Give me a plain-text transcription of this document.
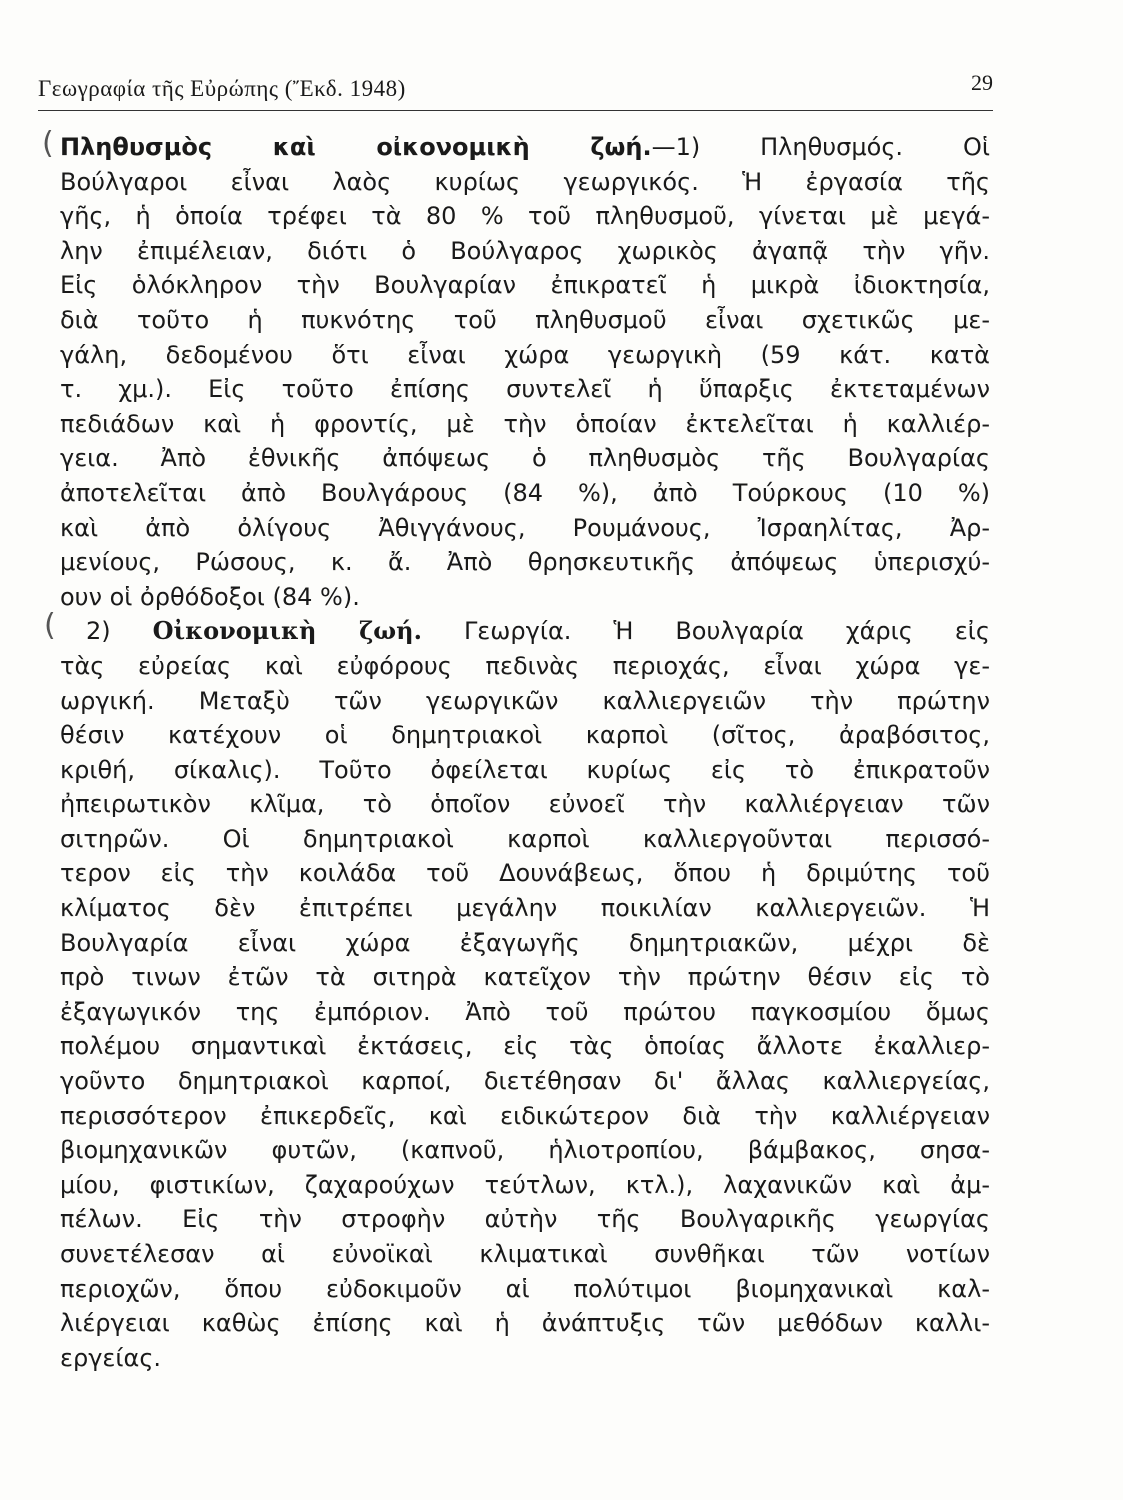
Γεωγραφία τῆς Εὐρώπης (Ἔκδ. 1948)	29
(
(
Πληθυσμὸς καὶ οἰκονομικὴ ζωή.—1) Πληθυσμός. Οἱ
Βούλγαροι εἶναι λαὸς κυρίως γεωργικός. Ἡ ἐργασία τῆς
γῆς, ἡ ὁποία τρέφει τὰ 80 % τοῦ πληθυσμοῦ, γίνεται μὲ μεγά-
λην ἐπιμέλειαν, διότι ὁ Βούλγαρος χωρικὸς ἀγαπᾷ τὴν γῆν.
Εἰς ὁλόκληρον τὴν Βουλγαρίαν ἐπικρατεῖ ἡ μικρὰ ἰδιοκτησία,
διὰ τοῦτο ἡ πυκνότης τοῦ πληθυσμοῦ εἶναι σχετικῶς με-
γάλη, δεδομένου ὅτι εἶναι χώρα γεωργικὴ (59 κάτ. κατὰ
τ. χμ.). Εἰς τοῦτο ἐπίσης συντελεῖ ἡ ὕπαρξις ἐκτεταμένων
πεδιάδων καὶ ἡ φροντίς, μὲ τὴν ὁποίαν ἐκτελεῖται ἡ καλλιέρ-
γεια. Ἀπὸ ἐθνικῆς ἀπόψεως ὁ πληθυσμὸς τῆς Βουλγαρίας
ἀποτελεῖται ἀπὸ Βουλγάρους (84 %), ἀπὸ Τούρκους (10 %)
καὶ ἀπὸ ὀλίγους Ἀθιγγάνους, Ρουμάνους, Ἰσραηλίτας, Ἀρ-
μενίους, Ρώσους, κ. ἄ. Ἀπὸ θρησκευτικῆς ἀπόψεως ὑπερισχύ-
ουν οἱ ὀρθόδοξοι (84 %).
2) Οἰκονομικὴ ζωή. Γεωργία. Ἡ Βουλγαρία χάρις εἰς
τὰς εὐρείας καὶ εὐφόρους πεδινὰς περιοχάς, εἶναι χώρα γε-
ωργική. Μεταξὺ τῶν γεωργικῶν καλλιεργειῶν τὴν πρώτην
θέσιν κατέχουν οἱ δημητριακοὶ καρποὶ (σῖτος, ἀραβόσιτος,
κριθή, σίκαλις). Τοῦτο ὀφείλεται κυρίως εἰς τὸ ἐπικρατοῦν
ἠπειρωτικὸν κλῖμα, τὸ ὁποῖον εὐνοεῖ τὴν καλλιέργειαν τῶν
σιτηρῶν. Οἱ δημητριακοὶ καρποὶ καλλιεργοῦνται περισσό-
τερον εἰς τὴν κοιλάδα τοῦ Δουνάβεως, ὅπου ἡ δριμύτης τοῦ
κλίματος δὲν ἐπιτρέπει μεγάλην ποικιλίαν καλλιεργειῶν. Ἡ
Βουλγαρία εἶναι χώρα ἐξαγωγῆς δημητριακῶν, μέχρι δὲ
πρὸ τινων ἐτῶν τὰ σιτηρὰ κατεῖχον τὴν πρώτην θέσιν εἰς τὸ
ἐξαγωγικόν της ἐμπόριον. Ἀπὸ τοῦ πρώτου παγκοσμίου ὅμως
πολέμου σημαντικαὶ ἐκτάσεις, εἰς τὰς ὁποίας ἄλλοτε ἐκαλλιερ-
γοῦντο δημητριακοὶ καρποί, διετέθησαν δι' ἄλλας καλλιεργείας,
περισσότερον ἐπικερδεῖς, καὶ ειδικώτερον διὰ τὴν καλλιέργειαν
βιομηχανικῶν φυτῶν, (καπνοῦ, ἡλιοτροπίου, βάμβακος, σησα-
μίου, φιστικίων, ζαχαρούχων τεύτλων, κτλ.), λαχανικῶν καὶ ἀμ-
πέλων. Εἰς τὴν στροφὴν αὐτὴν τῆς Βουλγαρικῆς γεωργίας
συνετέλεσαν αἱ εὐνοϊκαὶ κλιματικαὶ συνθῆκαι τῶν νοτίων
περιοχῶν, ὅπου εὐδοκιμοῦν αἱ πολύτιμοι βιομηχανικαὶ καλ-
λιέργειαι καθὼς ἐπίσης καὶ ἡ ἀνάπτυξις τῶν μεθόδων καλλι-
εργείας.
